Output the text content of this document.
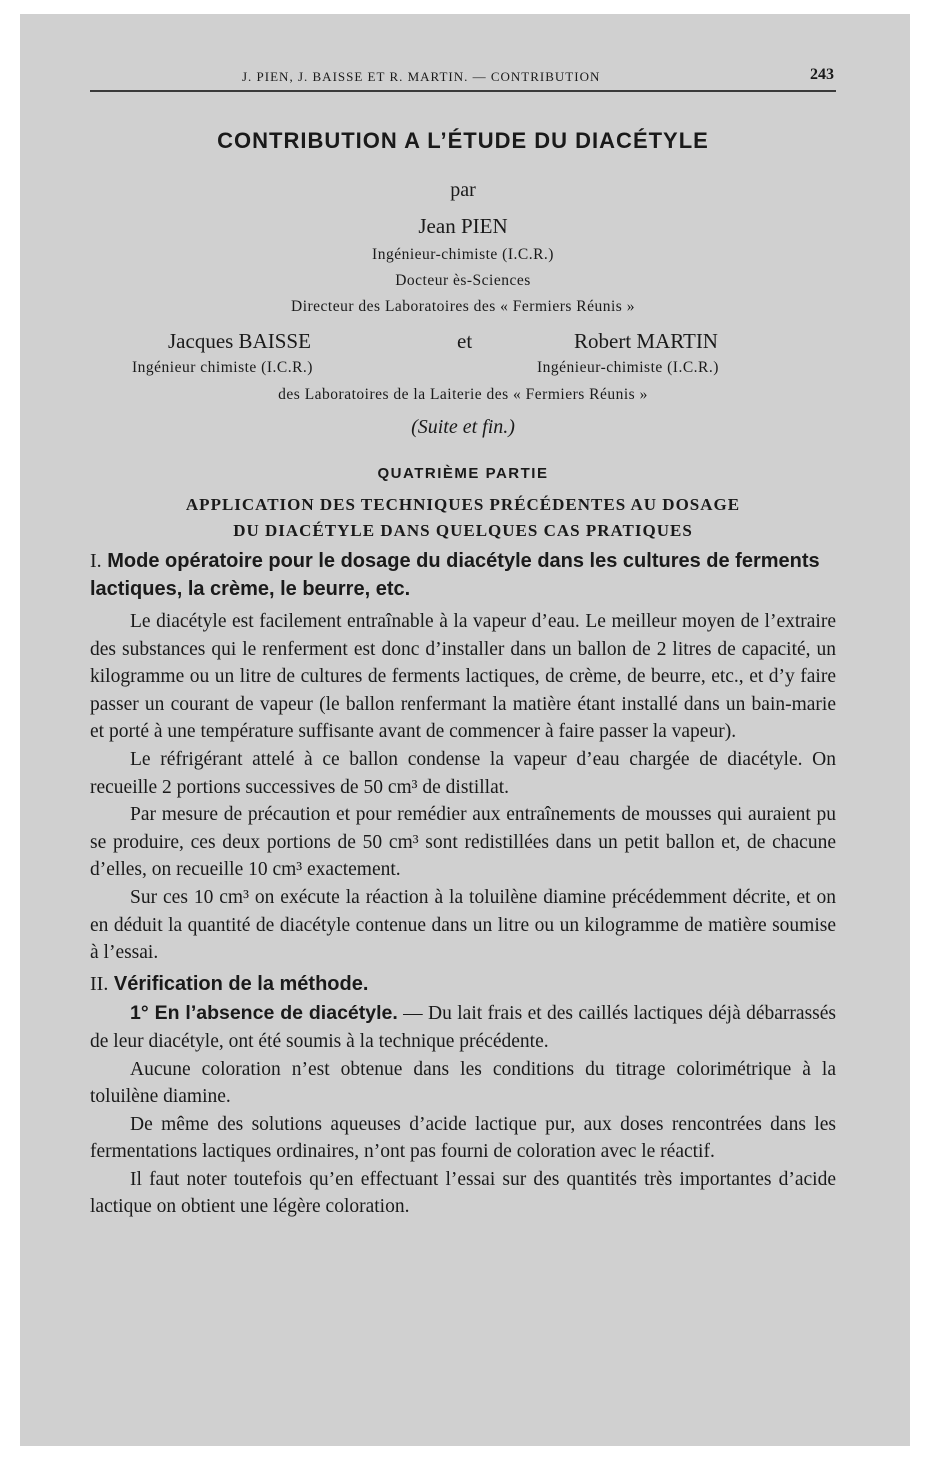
J. PIEN, J. BAISSE ET R. MARTIN. — CONTRIBUTION	243
CONTRIBUTION A L’ÉTUDE DU DIACÉTYLE
par
Jean PIEN
Ingénieur-chimiste (I.C.R.)
Docteur ès-Sciences
Directeur des Laboratoires des « Fermiers Réunis »
Jacques BAISSE	et	Robert MARTIN
Ingénieur chimiste (I.C.R.)	Ingénieur-chimiste (I.C.R.)
des Laboratoires de la Laiterie des « Fermiers Réunis »
(Suite et fin.)
QUATRIÈME PARTIE
APPLICATION DES TECHNIQUES PRÉCÉDENTES AU DOSAGE
DU DIACÉTYLE DANS QUELQUES CAS PRATIQUES
I. Mode opératoire pour le dosage du diacétyle dans les cultures de ferments lactiques, la crème, le beurre, etc.

Le diacétyle est facilement entraînable à la vapeur d’eau. Le meilleur moyen de l’extraire des substances qui le renferment est donc d’installer dans un ballon de 2 litres de capacité, un kilogramme ou un litre de cultures de ferments lactiques, de crème, de beurre, etc., et d’y faire passer un courant de vapeur (le ballon renfermant la matière étant installé dans un bain-marie et porté à une température suffisante avant de commencer à faire passer la vapeur).

Le réfrigérant attelé à ce ballon condense la vapeur d’eau chargée de diacétyle. On recueille 2 portions successives de 50 cm³ de distillat.

Par mesure de précaution et pour remédier aux entraînements de mousses qui auraient pu se produire, ces deux portions de 50 cm³ sont redistillées dans un petit ballon et, de chacune d’elles, on recueille 10 cm³ exactement.

Sur ces 10 cm³ on exécute la réaction à la toluilène diamine précédemment décrite, et on en déduit la quantité de diacétyle contenue dans un litre ou un kilogramme de matière soumise à l’essai.

II. Vérification de la méthode.

1° En l’absence de diacétyle. — Du lait frais et des caillés lactiques déjà débarrassés de leur diacétyle, ont été soumis à la technique précédente.

Aucune coloration n’est obtenue dans les conditions du titrage colorimétrique à la toluilène diamine.

De même des solutions aqueuses d’acide lactique pur, aux doses rencontrées dans les fermentations lactiques ordinaires, n’ont pas fourni de coloration avec le réactif.

Il faut noter toutefois qu’en effectuant l’essai sur des quantités très importantes d’acide lactique on obtient une légère coloration.
